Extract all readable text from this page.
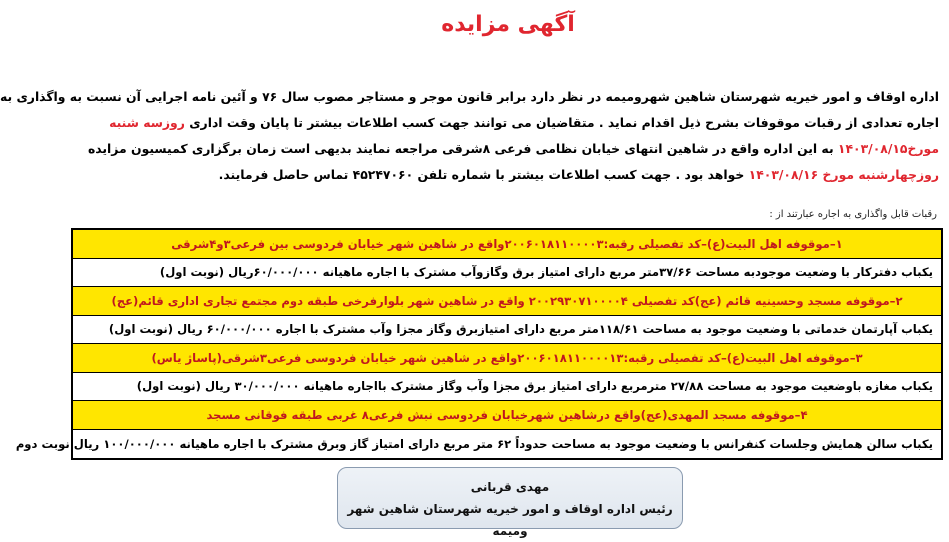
آگهی مزایده

اداره اوقاف و امور خیریه شهرستان شاهین شهرومیمه در نظر دارد برابر قانون موجر و مستاجر مصوب سال ۷۶ و آئین نامه اجرایی آن نسبت به واگذاری به

اجاره تعدادی از رقبات موقوفات بشرح ذیل اقدام نماید . متقاضیان می توانند جهت کسب اطلاعات بیشتر تا پایان وقت اداری روزسه شنبه

مورخ۱۴۰۳/۰۸/۱۵ به این اداره واقع در شاهین انتهای خیابان نظامی فرعی ۸شرقی مراجعه نمایند بدیهی است زمان برگزاری کمیسیون مزایده

روزچهارشنبه مورخ ۱۴۰۳/۰۸/۱۶ خواهد بود . جهت کسب اطلاعات بیشتر با شماره تلفن ۴۵۲۴۷۰۶۰ تماس حاصل فرمایند.

رقبات قابل واگذاری به اجاره عبارتند از :
۱–موقوفه اهل البیت(ع)–کد تفصیلی رقبه:۲۰۰۶۰۱۸۱۱۰۰۰۰۳واقع در شاهین شهر خیابان فردوسی بین فرعی۳و۴شرقی
یکباب دفترکار با وضعیت موجودبه مساحت ۳۷/۶۶متر مربع دارای امتیاز برق وگازوآب مشترک با اجاره ماهیانه ۶۰/۰۰۰/۰۰۰ریال (نوبت اول)
۲–موقوفه مسجد وحسینیه قائم (عج)کد تفصیلی ۲۰۰۲۹۳۰۷۱۰۰۰۰۴ واقع در شاهین شهر بلوارفرخی طبقه دوم مجتمع تجاری اداری قائم(عج)
یکباب آپارتمان خدماتی با وضعیت موجود به مساحت ۱۱۸/۶۱متر مربع دارای امتیازبرق وگاز مجزا وآب مشترک با اجاره ۶۰/۰۰۰/۰۰۰ ریال (نوبت اول)
۳–موقوفه اهل البیت(ع)–کد تفصیلی رقبه:۲۰۰۶۰۱۸۱۱۰۰۰۰۱۳واقع در شاهین شهر خیابان فردوسی فرعی۳شرقی(پاساژ یاس)
یکباب مغازه باوضعیت موجود به مساحت ۲۷/۸۸ مترمربع دارای امتیاز برق مجزا وآب وگاز مشترک بااجاره ماهیانه ۳۰/۰۰۰/۰۰۰ ریال (نوبت اول)
۴–موقوفه مسجد المهدی(عج)واقع درشاهین شهرخیابان فردوسی نبش فرعی۸ غربی طبقه فوقانی مسجد
یکباب سالن همایش وجلسات کنفرانس با وضعیت موجود به مساحت حدوداً ۶۲ متر مربع دارای امتیاز گاز وبرق مشترک با اجاره ماهیانه ۱۰۰/۰۰۰/۰۰۰ ریال نوبت دوم
مهدی قربانی
رئیس اداره اوقاف و امور خیریه شهرستان شاهین شهر ومیمه
